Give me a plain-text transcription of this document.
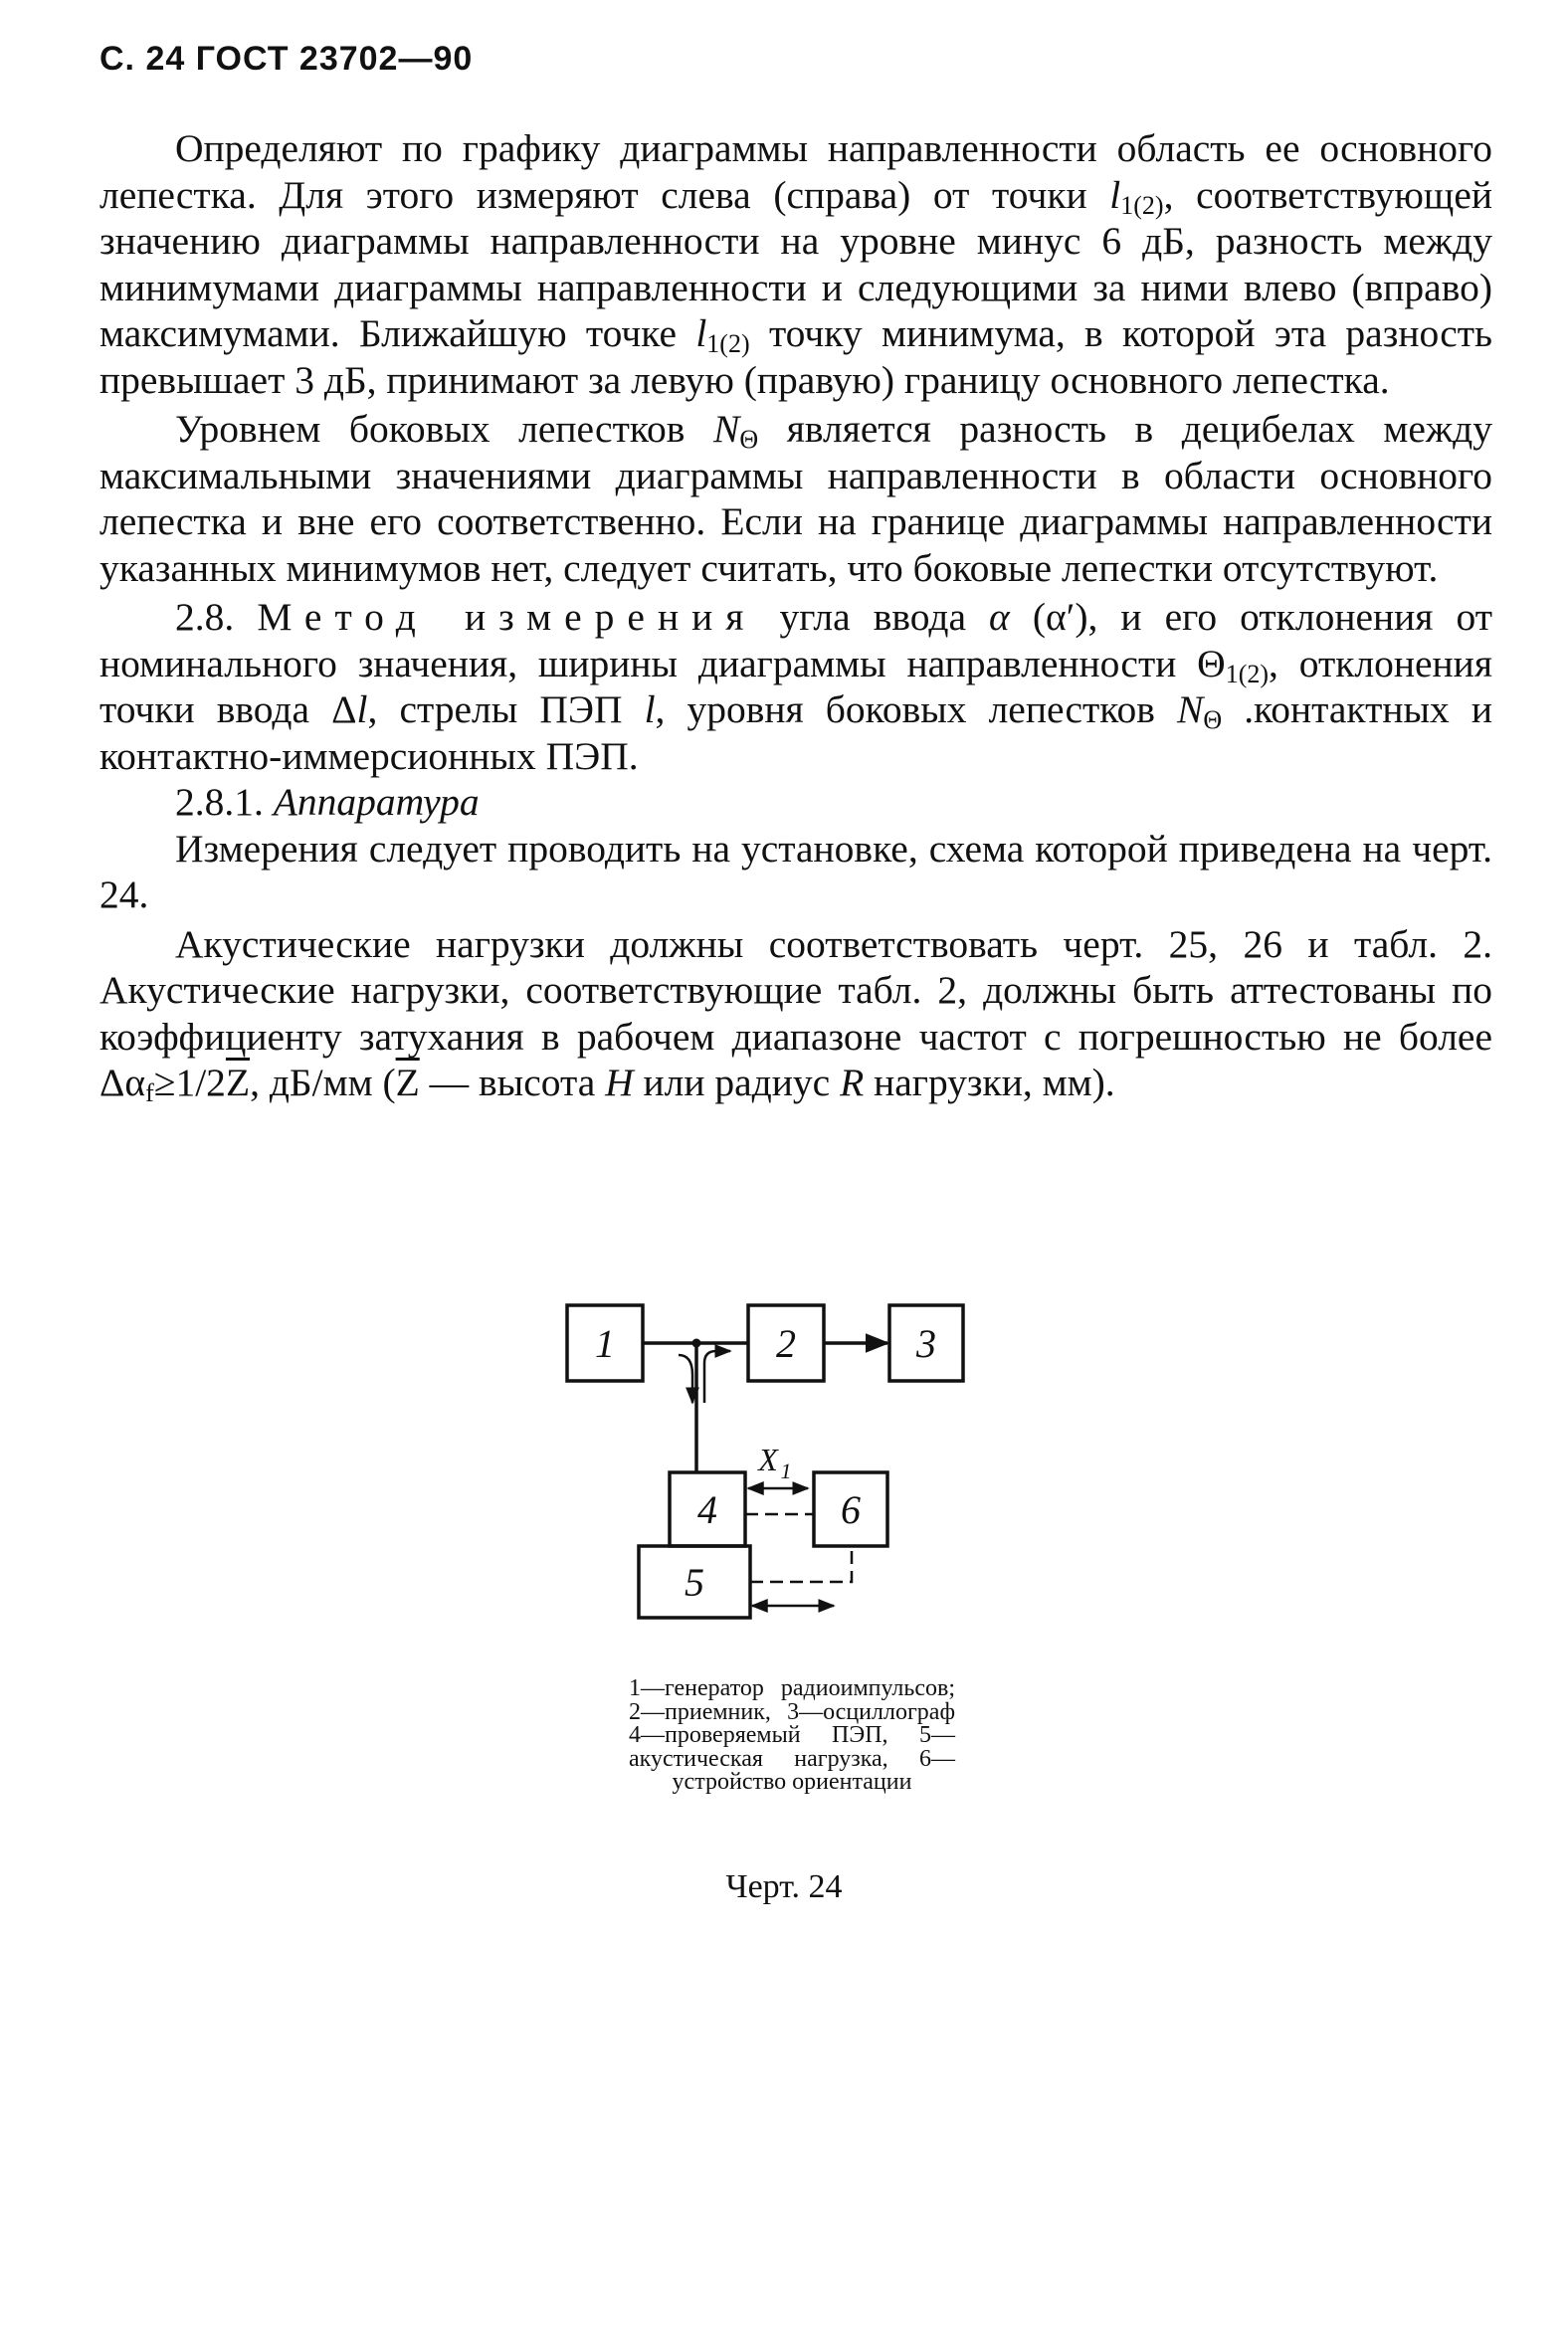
С. 24 ГОСТ 23702—90

Определяют по графику диаграммы направленности область ее основного лепестка. Для этого измеряют слева (справа) от точки $l_{1(2)}$, соответствующей значению диаграммы направленности на уровне минус 6 дБ, разность между минимумами диаграммы направленности и следующими за ними влево (вправо) максимумами. Ближайшую точке $l_{1(2)}$ точку минимума, в которой эта разность превышает 3 дБ, принимают за левую (правую) границу основного лепестка.

Уровнем боковых лепестков $N_\Theta$ является разность в децибелах между максимальными значениями диаграммы направленности в области основного лепестка и вне его соответственно. Если на границе диаграммы направленности указанных минимумов нет, следует считать, что боковые лепестки отсутствуют.

2.8. Метод измерения угла ввода α (α′), и его отклонения от номинального значения, ширины диаграммы направленности $\Theta_{1(2)}$, отклонения точки ввода Δl, стрелы ПЭП l, уровня боковых лепестков $N_\Theta$ .контактных и контактно-иммерсионных ПЭП.

2.8.1. Аппаратура

Измерения следует проводить на установке, схема которой приведена на черт. 24.

Акустические нагрузки должны соответствовать черт. 25, 26 и табл. 2. Акустические нагрузки, соответствующие табл. 2, должны быть аттестованы по коэффициенту затухания в рабочем диапазоне частот с погрешностью не более $\Delta\alpha_f\ge 1/2\overline{Z}$, дБ/мм ($\overline{Z}$ — высота H или радиус R нагрузки, мм).

1	2	3
4	6
5
X 1
1—генератор радиоимпульсов; 2—приемник, 3—осциллограф 4—проверяемый ПЭП, 5—акустическая нагрузка, 6—устройство ориентации
Черт. 24
